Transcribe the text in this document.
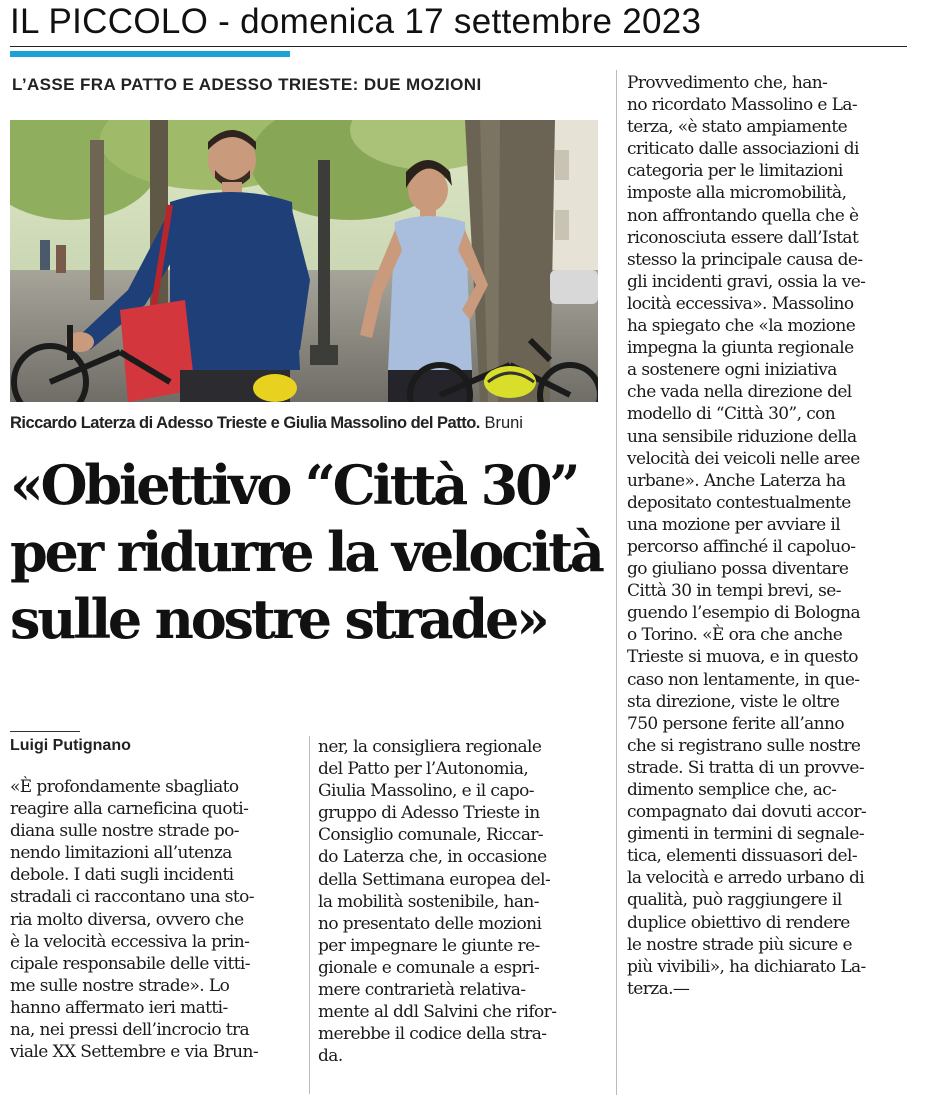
IL PICCOLO - domenica 17 settembre 2023
L’ASSE FRA PATTO E ADESSO TRIESTE: DUE MOZIONI
Riccardo Laterza di Adesso Trieste e Giulia Massolino del Patto. Bruni
«Obiettivo “Città 30”
per ridurre la velocità
sulle nostre strade»
Luigi Putignano
«È profondamente sbagliato
reagire alla carneficina quoti-
diana sulle nostre strade po-
nendo limitazioni all’utenza
debole. I dati sugli incidenti
stradali ci raccontano una sto-
ria molto diversa, ovvero che
è la velocità eccessiva la prin-
cipale responsabile delle vitti-
me sulle nostre strade». Lo
hanno affermato ieri matti-
na, nei pressi dell’incrocio tra
viale XX Settembre e via Brun-
ner, la consigliera regionale
del Patto per l’Autonomia,
Giulia Massolino, e il capo-
gruppo di Adesso Trieste in
Consiglio comunale, Riccar-
do Laterza che, in occasione
della Settimana europea del-
la mobilità sostenibile, han-
no presentato delle mozioni
per impegnare le giunte re-
gionale e comunale a espri-
mere contrarietà relativa-
mente al ddl Salvini che rifor-
merebbe il codice della stra-
da.
Provvedimento che, han-
no ricordato Massolino e La-
terza, «è stato ampiamente
criticato dalle associazioni di
categoria per le limitazioni
imposte alla micromobilità,
non affrontando quella che è
riconosciuta essere dall’Istat
stesso la principale causa de-
gli incidenti gravi, ossia la ve-
locità eccessiva». Massolino
ha spiegato che «la mozione
impegna la giunta regionale
a sostenere ogni iniziativa
che vada nella direzione del
modello di “Città 30”, con
una sensibile riduzione della
velocità dei veicoli nelle aree
urbane». Anche Laterza ha
depositato contestualmente
una mozione per avviare il
percorso affinché il capoluo-
go giuliano possa diventare
Città 30 in tempi brevi, se-
guendo l’esempio di Bologna
o Torino. «È ora che anche
Trieste si muova, e in questo
caso non lentamente, in que-
sta direzione, viste le oltre
750 persone ferite all’anno
che si registrano sulle nostre
strade. Si tratta di un provve-
dimento semplice che, ac-
compagnato dai dovuti accor-
gimenti in termini di segnale-
tica, elementi dissuasori del-
la velocità e arredo urbano di
qualità, può raggiungere il
duplice obiettivo di rendere
le nostre strade più sicure e
più vivibili», ha dichiarato La-
terza.—
